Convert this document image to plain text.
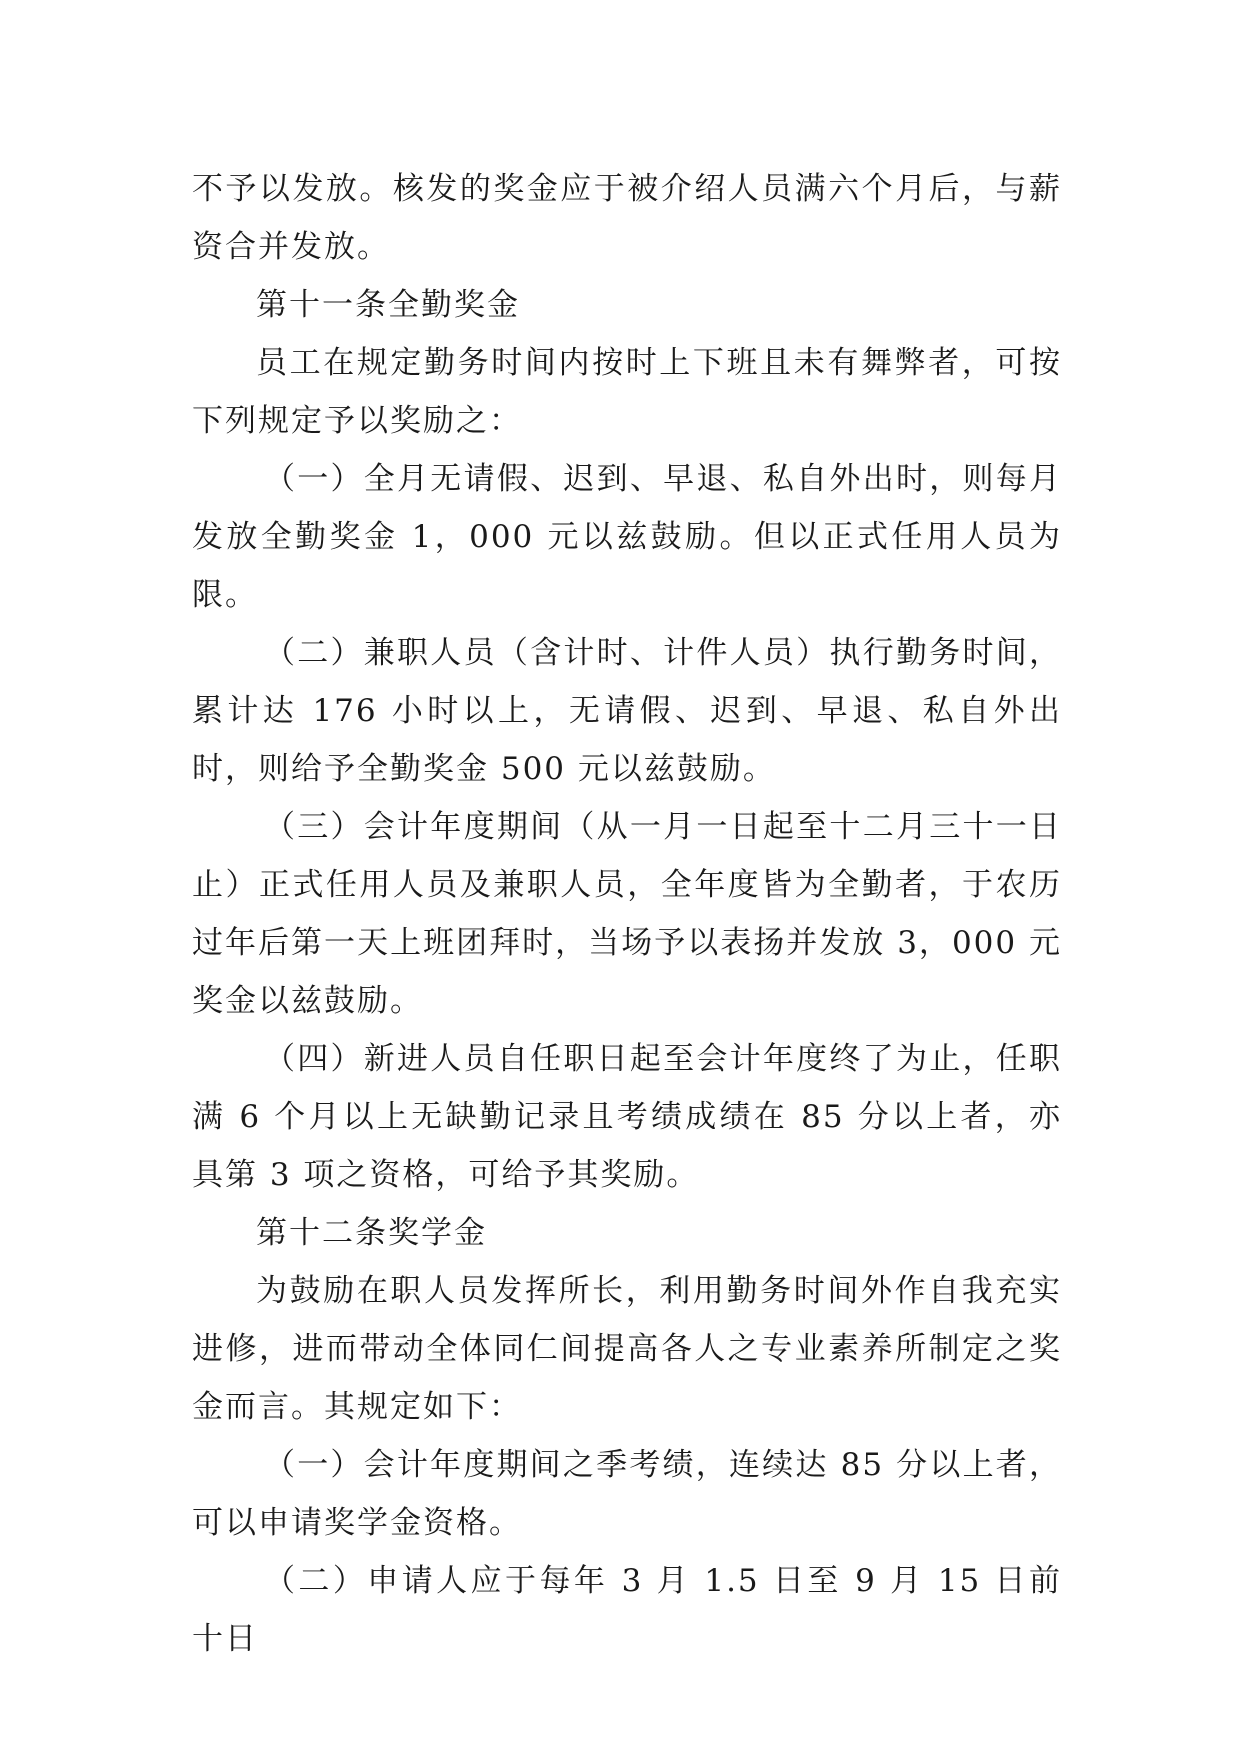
不予以发放。核发的奖金应于被介绍人员满六个月后，与薪资合并发放。

第十一条全勤奖金

员工在规定勤务时间内按时上下班且未有舞弊者，可按下列规定予以奖励之：

（一）全月无请假、迟到、早退、私自外出时，则每月发放全勤奖金 1，000 元以兹鼓励。但以正式任用人员为限。

（二）兼职人员（含计时、计件人员）执行勤务时间，累计达 176 小时以上，无请假、迟到、早退、私自外出时，则给予全勤奖金 500 元以兹鼓励。

（三）会计年度期间（从一月一日起至十二月三十一日止）正式任用人员及兼职人员，全年度皆为全勤者，于农历过年后第一天上班团拜时，当场予以表扬并发放 3，000 元奖金以兹鼓励。

（四）新进人员自任职日起至会计年度终了为止，任职满 6 个月以上无缺勤记录且考绩成绩在 85 分以上者，亦具第 3 项之资格，可给予其奖励。

第十二条奖学金

为鼓励在职人员发挥所长，利用勤务时间外作自我充实进修，进而带动全体同仁间提高各人之专业素养所制定之奖金而言。其规定如下：

（一）会计年度期间之季考绩，连续达 85 分以上者，可以申请奖学金资格。

（二）申请人应于每年 3 月 1.5 日至 9 月 15 日前十日
